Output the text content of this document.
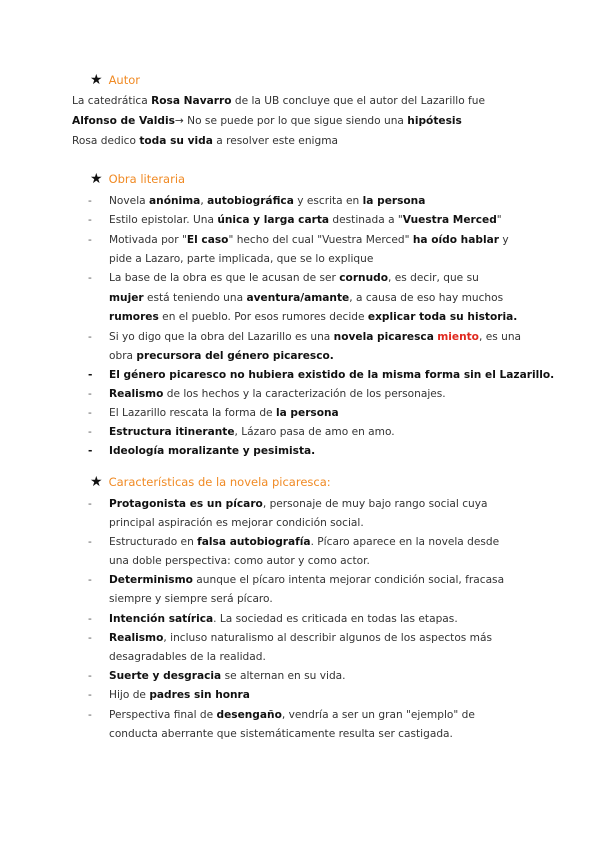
★ Autor
La catedrática Rosa Navarro de la UB concluye que el autor del Lazarillo fue
Alfonso de Valdis→ No se puede por lo que sigue siendo una hipótesis
Rosa dedico toda su vida a resolver este enigma
★ Obra literaria
-	Novela anónima, autobiográfica y escrita en la persona
-	Estilo epistolar. Una única y larga carta destinada a "Vuestra Merced"
-	Motivada por "El caso" hecho del cual "Vuestra Merced" ha oído hablar y
pide a Lazaro, parte implicada, que se lo explique
-	La base de la obra es que le acusan de ser cornudo, es decir, que su
mujer está teniendo una aventura/amante, a causa de eso hay muchos
rumores en el pueblo. Por esos rumores decide explicar toda su historia.
-	Si yo digo que la obra del Lazarillo es una novela picaresca miento, es una
obra precursora del género picaresco.
-	El género picaresco no hubiera existido de la misma forma sin el Lazarillo.
-	Realismo de los hechos y la caracterización de los personajes.
-	El Lazarillo rescata la forma de la persona
-	Estructura itinerante, Lázaro pasa de amo en amo.
-	Ideología moralizante y pesimista.
★ Características de la novela picaresca:
-	Protagonista es un pícaro, personaje de muy bajo rango social cuya
principal aspiración es mejorar condición social.
-	Estructurado en falsa autobiografía. Pícaro aparece en la novela desde
una doble perspectiva: como autor y como actor.
-	Determinismo aunque el pícaro intenta mejorar condición social, fracasa
siempre y siempre será pícaro.
-	Intención satírica. La sociedad es criticada en todas las etapas.
-	Realismo, incluso naturalismo al describir algunos de los aspectos más
desagradables de la realidad.
-	Suerte y desgracia se alternan en su vida.
-	Hijo de padres sin honra
-	Perspectiva final de desengaño, vendría a ser un gran "ejemplo" de
conducta aberrante que sistemáticamente resulta ser castigada.
